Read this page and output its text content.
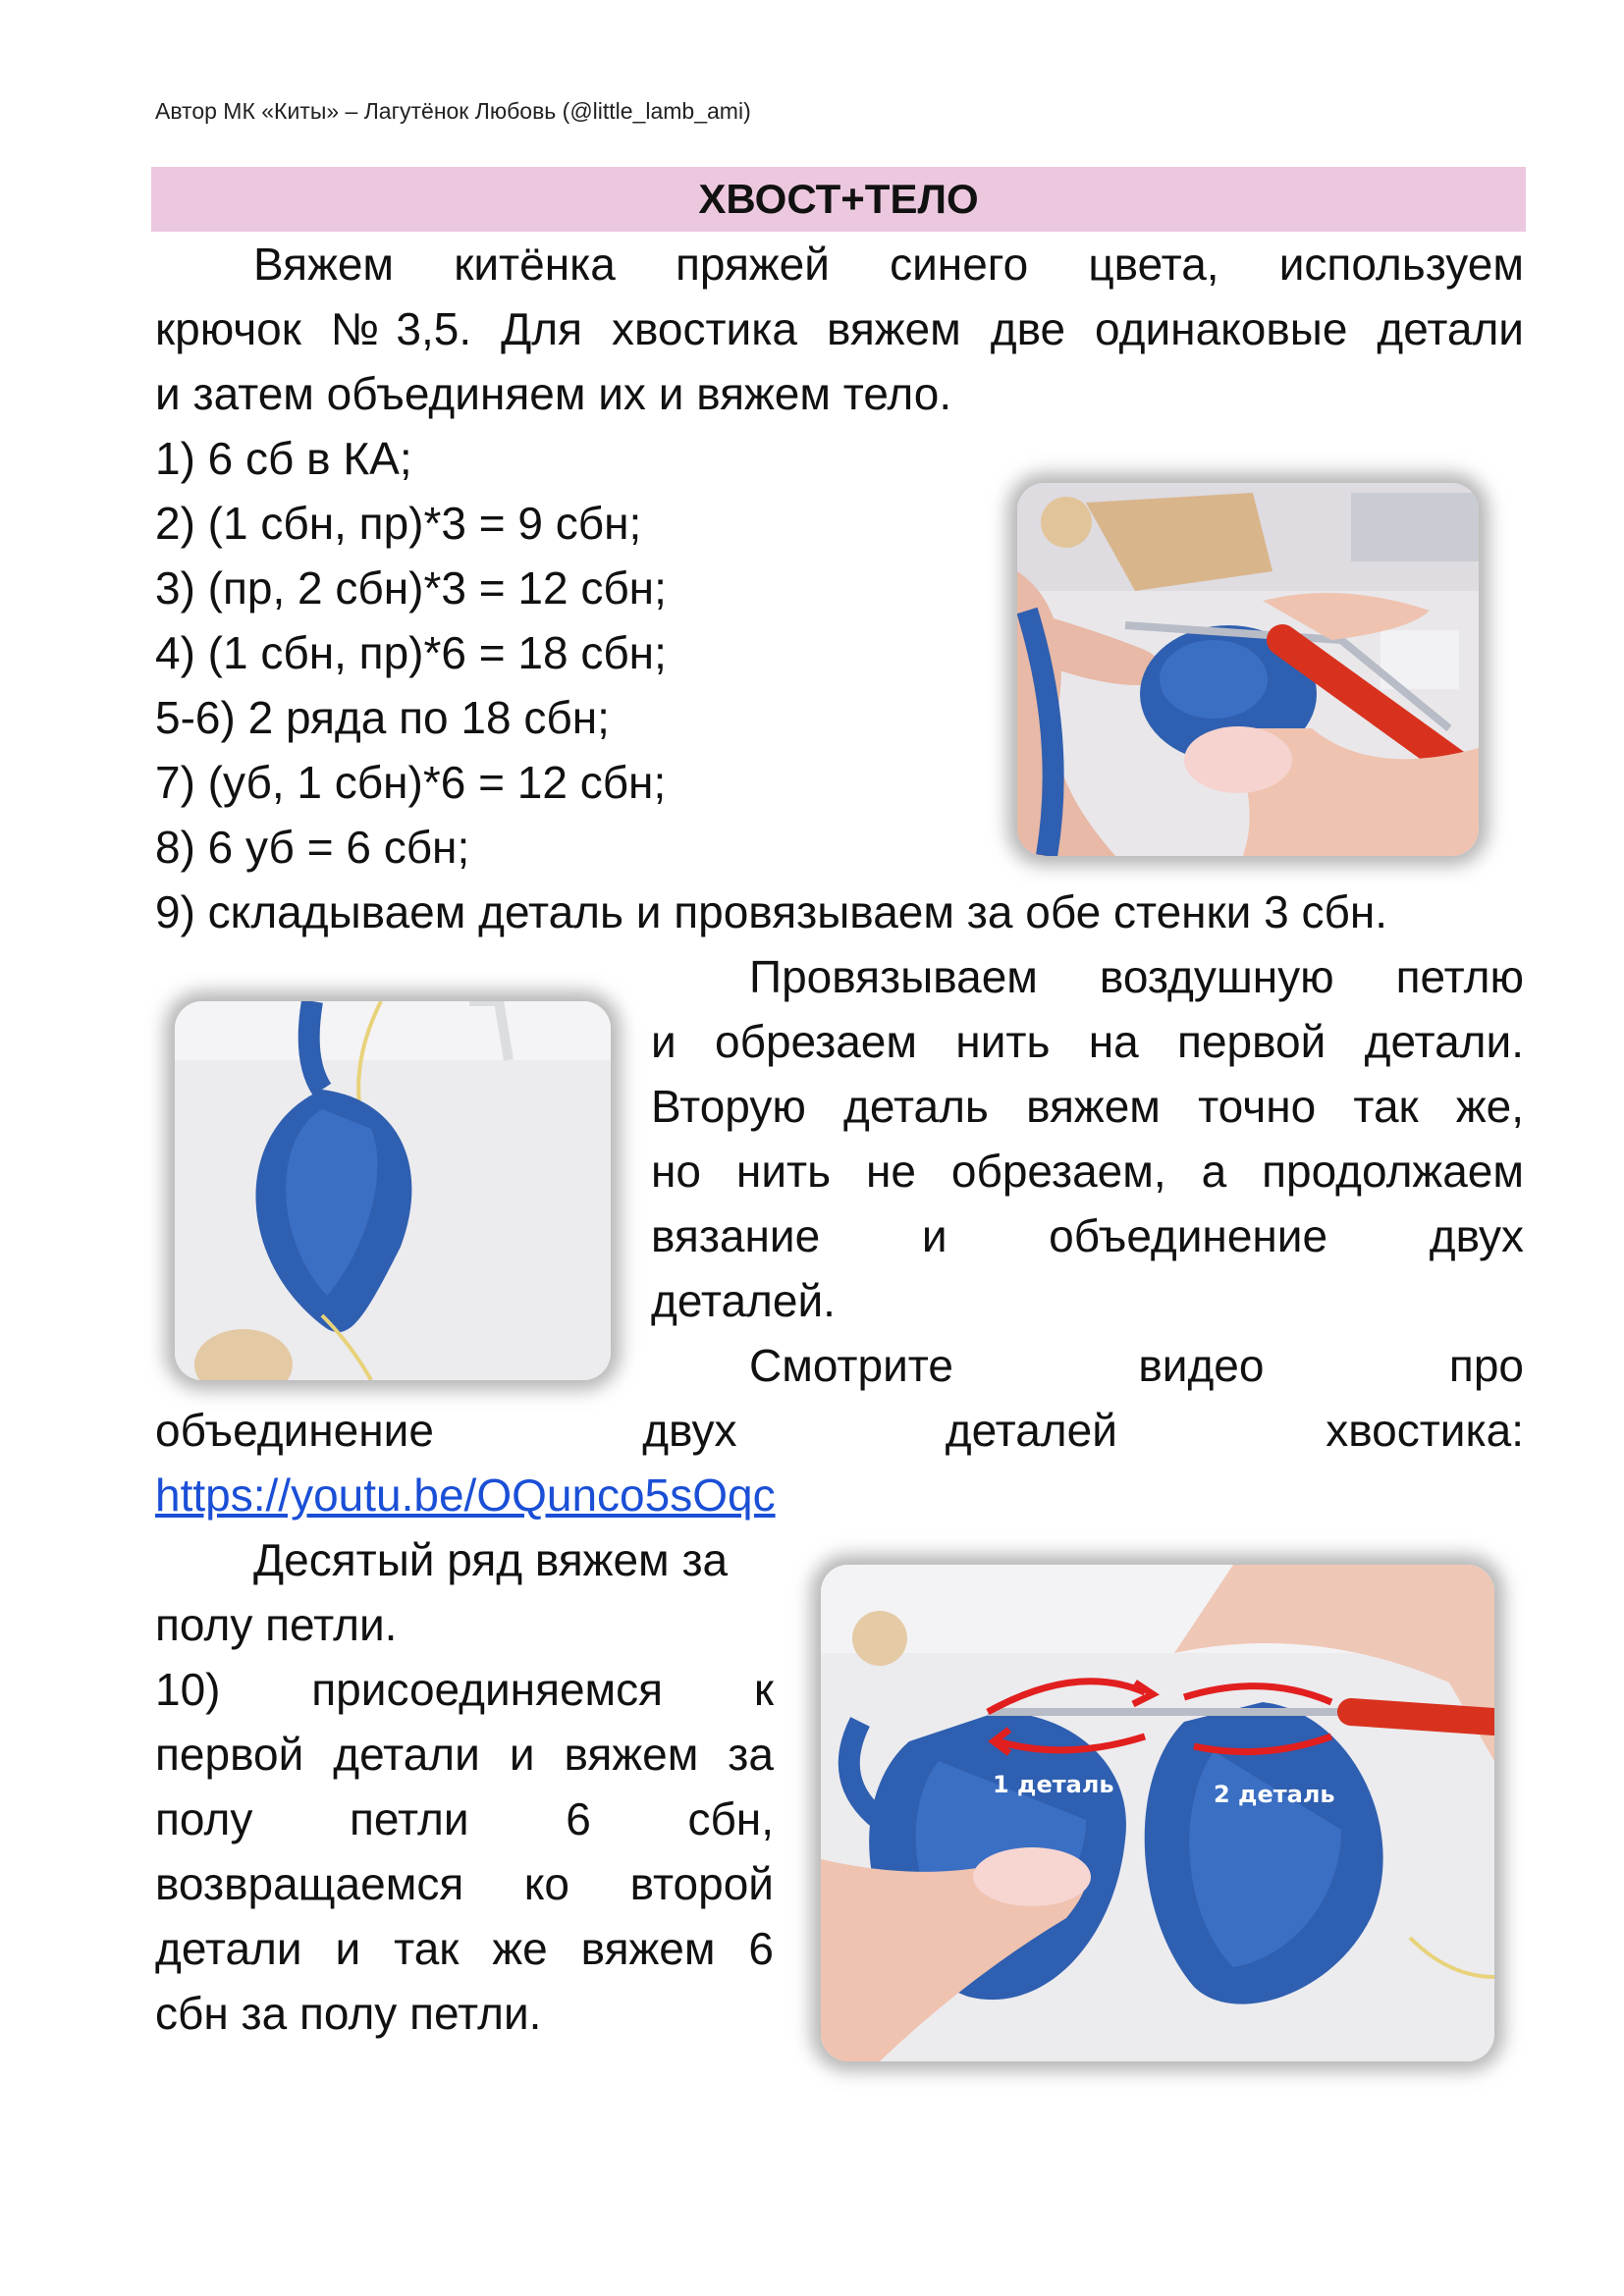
Автор МК «Киты» – Лагутёнок Любовь (@little_lamb_ami)
ХВОСТ+ТЕЛО
Вяжем китёнка пряжей синего цвета, используем
крючок №3,5. Для хвостика вяжем две одинаковые детали
и затем объединяем их и вяжем тело.
1) 6 сб в КА;
2) (1 сбн, пр)*3 = 9 сбн;
3) (пр, 2 сбн)*3 = 12 сбн;
4) (1 сбн, пр)*6 = 18 сбн;
5-6) 2 ряда по 18 сбн;
7) (уб, 1 сбн)*6 = 12 сбн;
8) 6 уб = 6 сбн;
9) складываем деталь и провязываем за обе стенки 3 сбн.
Провязываем воздушную петлю
и обрезаем нить на первой детали.
Вторую деталь вяжем точно так же,
но нить не обрезаем, а продолжаем
вязание и объединение двух
деталей.
Смотрите видео про
объединение двух деталей хвостика:
https://youtu.be/OQunco5sOqc
Десятый ряд вяжем за
полу петли.
10) присоединяемся к
первой детали и вяжем за
полу петли 6 сбн,
возвращаемся ко второй
детали и так же вяжем 6
сбн за полу петли.
1 деталь	2 деталь
